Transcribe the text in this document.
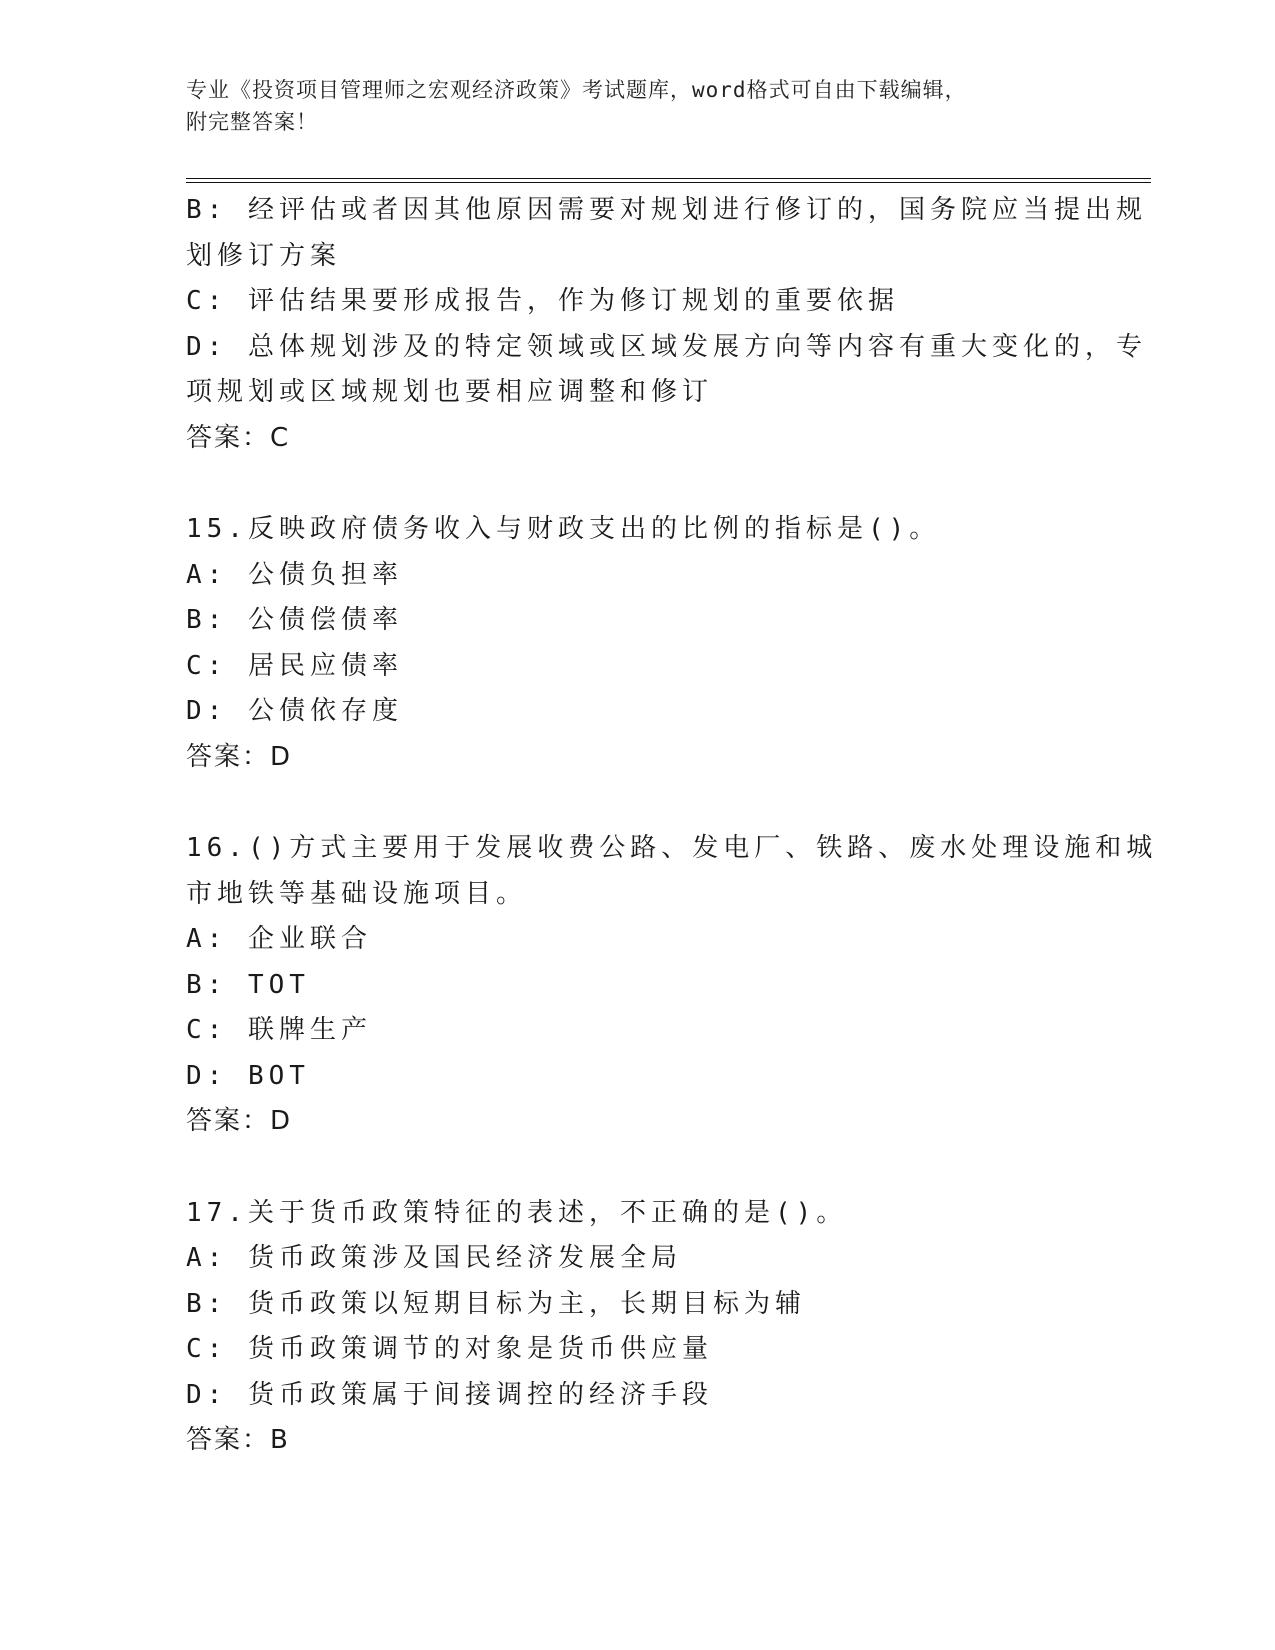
专业《投资项目管理师之宏观经济政策》考试题库，word格式可自由下载编辑，
附完整答案！
B: 经评估或者因其他原因需要对规划进行修订的，国务院应当提出规
划修订方案
C: 评估结果要形成报告，作为修订规划的重要依据
D: 总体规划涉及的特定领域或区域发展方向等内容有重大变化的，专
项规划或区域规划也要相应调整和修订
答案：C
15.反映政府债务收入与财政支出的比例的指标是()。
A: 公债负担率
B: 公债偿债率
C: 居民应债率
D: 公债依存度
答案：D
16.()方式主要用于发展收费公路、发电厂、铁路、废水处理设施和城
市地铁等基础设施项目。
A: 企业联合
B: TOT
C: 联牌生产
D: BOT
答案：D
17.关于货币政策特征的表述，不正确的是()。
A: 货币政策涉及国民经济发展全局
B: 货币政策以短期目标为主，长期目标为辅
C: 货币政策调节的对象是货币供应量
D: 货币政策属于间接调控的经济手段
答案：B
